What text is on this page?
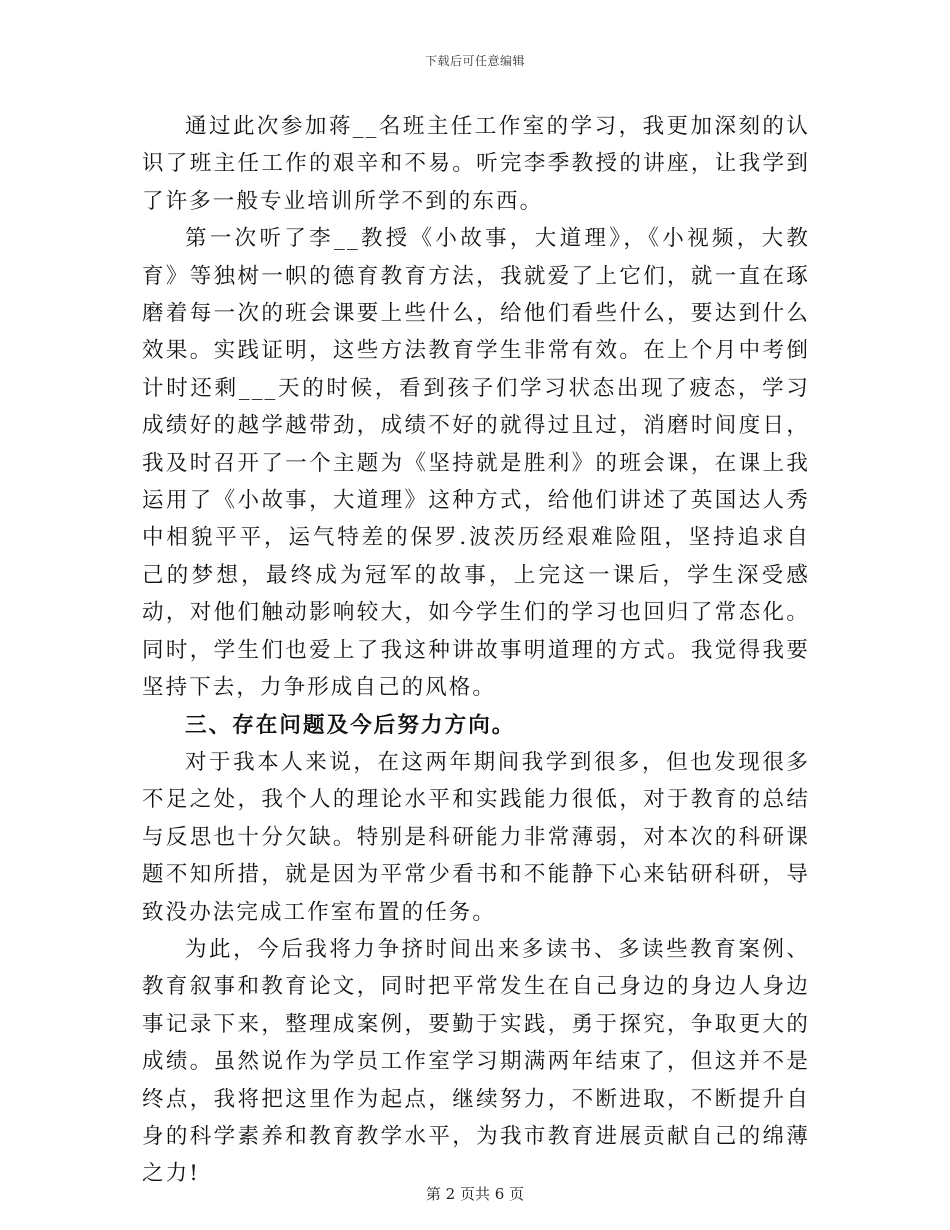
下载后可任意编辑

通过此次参加蒋__名班主任工作室的学习，我更加深刻的认识了班主任工作的艰辛和不易。听完李季教授的讲座，让我学到了许多一般专业培训所学不到的东西。

第一次听了李__教授《小故事，大道理》，《小视频，大教育》等独树一帜的德育教育方法，我就爱了上它们，就一直在琢磨着每一次的班会课要上些什么，给他们看些什么，要达到什么效果。实践证明，这些方法教育学生非常有效。在上个月中考倒计时还剩___天的时候，看到孩子们学习状态出现了疲态，学习成绩好的越学越带劲，成绩不好的就得过且过，消磨时间度日，我及时召开了一个主题为《坚持就是胜利》的班会课，在课上我运用了《小故事，大道理》这种方式，给他们讲述了英国达人秀中相貌平平，运气特差的保罗.波茨历经艰难险阻，坚持追求自己的梦想，最终成为冠军的故事，上完这一课后，学生深受感动，对他们触动影响较大，如今学生们的学习也回归了常态化。同时，学生们也爱上了我这种讲故事明道理的方式。我觉得我要坚持下去，力争形成自己的风格。

三、存在问题及今后努力方向。

对于我本人来说，在这两年期间我学到很多，但也发现很多不足之处，我个人的理论水平和实践能力很低，对于教育的总结与反思也十分欠缺。特别是科研能力非常薄弱，对本次的科研课题不知所措，就是因为平常少看书和不能静下心来钻研科研，导致没办法完成工作室布置的任务。

为此，今后我将力争挤时间出来多读书、多读些教育案例、教育叙事和教育论文，同时把平常发生在自己身边的身边人身边事记录下来，整理成案例，要勤于实践，勇于探究，争取更大的成绩。虽然说作为学员工作室学习期满两年结束了，但这并不是终点，我将把这里作为起点，继续努力，不断进取，不断提升自身的科学素养和教育教学水平，为我市教育进展贡献自己的绵薄之力!

第 2 页共 6 页
